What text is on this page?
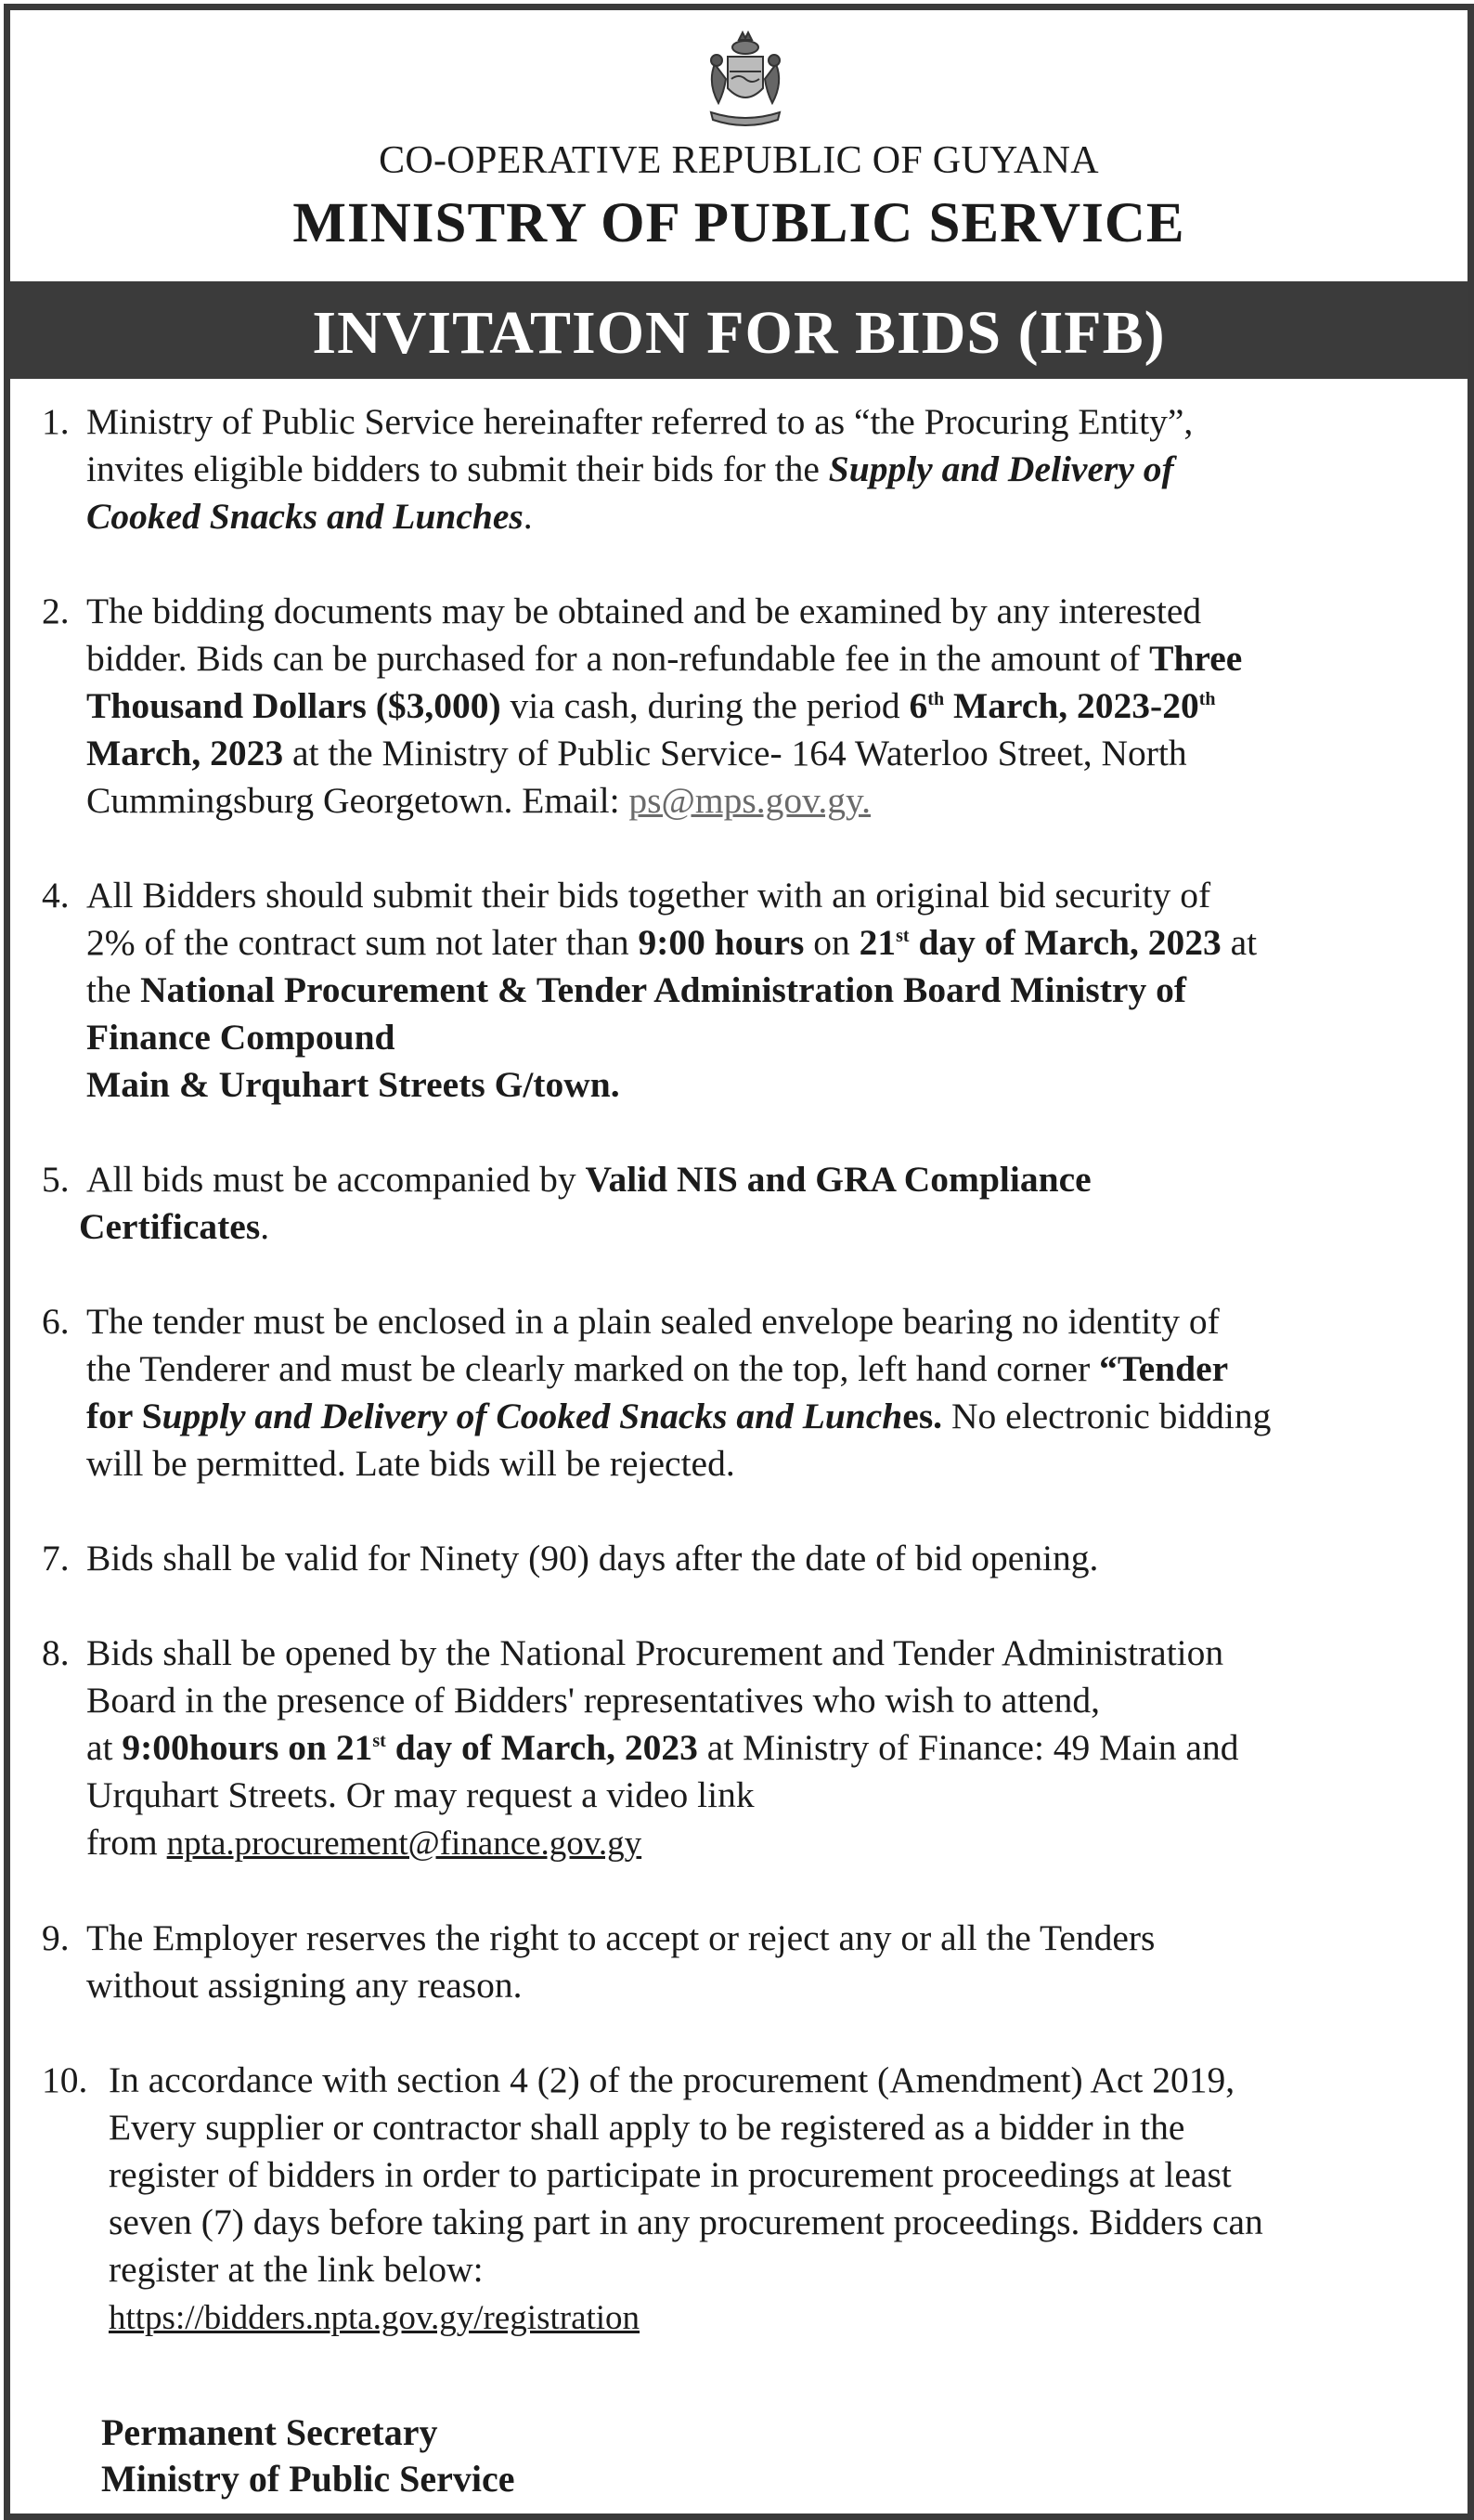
CO-OPERATIVE REPUBLIC OF GUYANA
MINISTRY OF PUBLIC SERVICE
INVITATION FOR BIDS (IFB)
1. Ministry of Public Service hereinafter referred to as “the Procuring Entity”,
invites eligible bidders to submit their bids for the Supply and Delivery of
Cooked Snacks and Lunches.
2. The bidding documents may be obtained and be examined by any interested
bidder. Bids can be purchased for a non-refundable fee in the amount of Three
Thousand Dollars ($3,000) via cash, during the period 6th March, 2023-20th
March, 2023 at the Ministry of Public Service- 164 Waterloo Street, North
Cummingsburg Georgetown. Email: ps@mps.gov.gy.
4. All Bidders should submit their bids together with an original bid security of
2% of the contract sum not later than 9:00 hours on 21st day of March, 2023 at
the National Procurement & Tender Administration Board Ministry of
Finance Compound
Main & Urquhart Streets G/town.
5. All bids must be accompanied by Valid NIS and GRA Compliance
Certificates.
6. The tender must be enclosed in a plain sealed envelope bearing no identity of
the Tenderer and must be clearly marked on the top, left hand corner “Tender
for Supply and Delivery of Cooked Snacks and Lunches. No electronic bidding
will be permitted. Late bids will be rejected.
7. Bids shall be valid for Ninety (90) days after the date of bid opening.
8. Bids shall be opened by the National Procurement and Tender Administration
Board in the presence of Bidders' representatives who wish to attend,
at 9:00hours on 21st day of March, 2023 at Ministry of Finance: 49 Main and
Urquhart Streets. Or may request a video link
from npta.procurement@finance.gov.gy
9. The Employer reserves the right to accept or reject any or all the Tenders
without assigning any reason.
10. In accordance with section 4 (2) of the procurement (Amendment) Act 2019,
Every supplier or contractor shall apply to be registered as a bidder in the
register of bidders in order to participate in procurement proceedings at least
seven (7) days before taking part in any procurement proceedings. Bidders can
register at the link below:
https://bidders.npta.gov.gy/registration
Permanent Secretary
Ministry of Public Service
